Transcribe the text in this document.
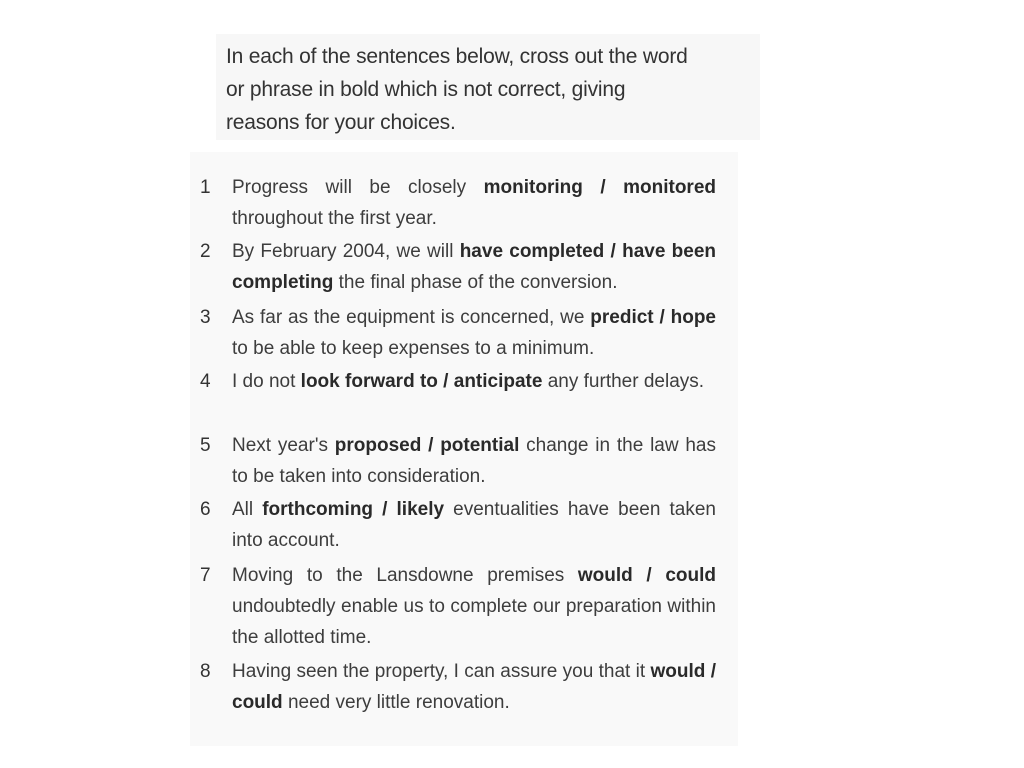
In each of the sentences below, cross out the word

or phrase in bold which is not correct, giving

reasons for your choices.

1	Progress will be closely monitoring / monitored throughout the first year.
2	By February 2004, we will have completed / have been completing the final phase of the conversion.
3	As far as the equipment is concerned, we predict / hope to be able to keep expenses to a minimum.
4	I do not look forward to / anticipate any further delays.
5	Next year's proposed / potential change in the law has to be taken into consideration.
6	All forthcoming / likely eventualities have been taken into account.
7	Moving to the Lansdowne premises would / could undoubtedly enable us to complete our preparation within the allotted time.
8	Having seen the property, I can assure you that it would / could need very little renovation.
